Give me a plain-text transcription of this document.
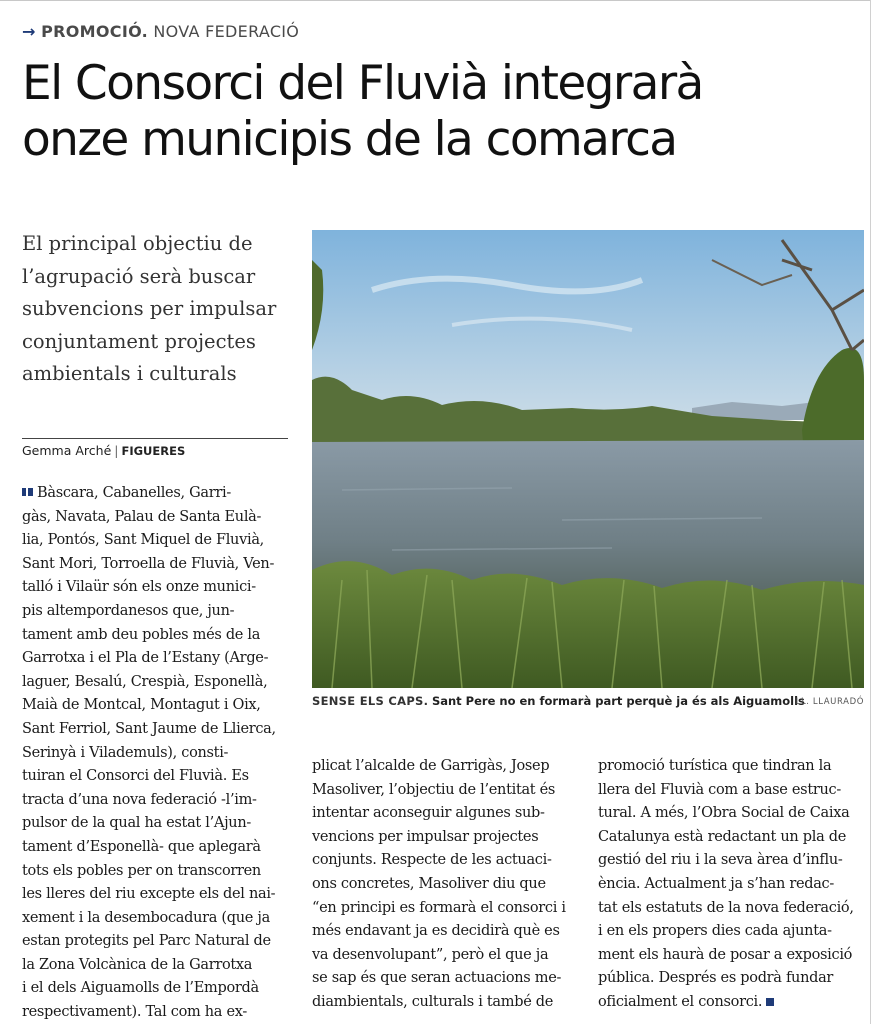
→ PROMOCIÓ. NOVA FEDERACIÓ
El Consorci del Fluvià integrarà
onze municipis de la comarca
El principal objectiu de
l’agrupació serà buscar
subvencions per impulsar
conjuntament projectes
ambientals i culturals
Gemma Arché | FIGUERES
SENSE ELS CAPS. Sant Pere no en formarà part perquè ja és als Aiguamolls
LL. LLAURADÓ
Bàscara, Cabanelles, Garri-
gàs, Navata, Palau de Santa Eulà-
lia, Pontós, Sant Miquel de Fluvià,
Sant Mori, Torroella de Fluvià, Ven-
talló i Vilaür són els onze munici-
pis altempordanesos que, jun-
tament amb deu pobles més de la
Garrotxa i el Pla de l’Estany (Arge-
laguer, Besalú, Crespià, Esponellà,
Maià de Montcal, Montagut i Oix,
Sant Ferriol, Sant Jaume de Llierca,
Serinyà i Vilademuls), consti-
tuiran el Consorci del Fluvià. Es
tracta d’una nova federació -l’im-
pulsor de la qual ha estat l’Ajun-
tament d’Esponellà- que aplegarà
tots els pobles per on transcorren
les lleres del riu excepte els del nai-
xement i la desembocadura (que ja
estan protegits pel Parc Natural de
la Zona Volcànica de la Garrotxa
i el dels Aiguamolls de l’Empordà
respectivament). Tal com ha ex-
plicat l’alcalde de Garrigàs, Josep
Masoliver, l’objectiu de l’entitat és
intentar aconseguir algunes sub-
vencions per impulsar projectes
conjunts. Respecte de les actuaci-
ons concretes, Masoliver diu que
“en principi es formarà el consorci i
més endavant ja es decidirà què es
va desenvolupant”, però el que ja
se sap és que seran actuacions me-
diambientals, culturals i també de
promoció turística que tindran la
llera del Fluvià com a base estruc-
tural. A més, l’Obra Social de Caixa
Catalunya està redactant un pla de
gestió del riu i la seva àrea d’influ-
ència. Actualment ja s’han redac-
tat els estatuts de la nova federació,
i en els propers dies cada ajunta-
ment els haurà de posar a exposició
pública. Després es podrà fundar
oficialment el consorci.
